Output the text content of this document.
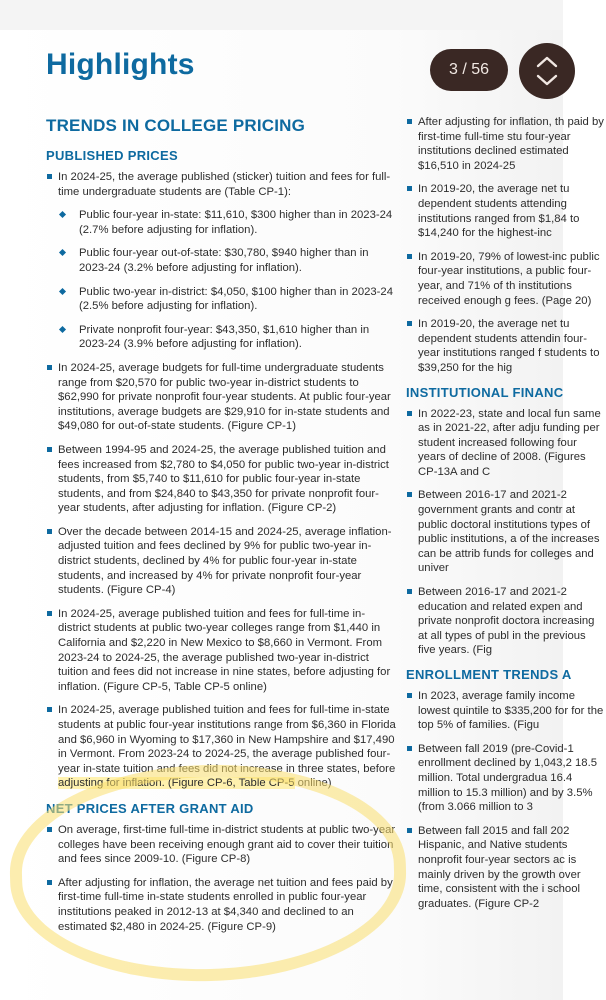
Highlights	3 / 56
TRENDS IN COLLEGE PRICING
PUBLISHED PRICES
In 2024-25, the average published (sticker) tuition and fees for full-time undergraduate students are (Table CP-1):
Public four-year in-state: $11,610, $300 higher than in 2023-24 (2.7% before adjusting for inflation).
Public four-year out-of-state: $30,780, $940 higher than in 2023-24 (3.2% before adjusting for inflation).
Public two-year in-district: $4,050, $100 higher than in 2023-24 (2.5% before adjusting for inflation).
Private nonprofit four-year: $43,350, $1,610 higher than in 2023-24 (3.9% before adjusting for inflation).
In 2024-25, average budgets for full-time undergraduate students range from $20,570 for public two-year in-district students to $62,990 for private nonprofit four-year students. At public four-year institutions, average budgets are $29,910 for in-state students and $49,080 for out-of-state students. (Figure CP-1)
Between 1994-95 and 2024-25, the average published tuition and fees increased from $2,780 to $4,050 for public two-year in-district students, from $5,740 to $11,610 for public four-year in-state students, and from $24,840 to $43,350 for private nonprofit four-year students, after adjusting for inflation. (Figure CP-2)
Over the decade between 2014-15 and 2024-25, average inflation-adjusted tuition and fees declined by 9% for public two-year in-district students, declined by 4% for public four-year in-state students, and increased by 4% for private nonprofit four-year students. (Figure CP-4)
In 2024-25, average published tuition and fees for full-time in-district students at public two-year colleges range from $1,440 in California and $2,220 in New Mexico to $8,660 in Vermont. From 2023-24 to 2024-25, the average published two-year in-district tuition and fees did not increase in nine states, before adjusting for inflation. (Figure CP-5, Table CP-5 online)
In 2024-25, average published tuition and fees for full-time in-state students at public four-year institutions range from $6,360 in Florida and $6,960 in Wyoming to $17,360 in New Hampshire and $17,490 in Vermont. From 2023-24 to 2024-25, the average published four-year in-state tuition and fees did not increase in three states, before adjusting for inflation. (Figure CP-6, Table CP-5 online)
NET PRICES AFTER GRANT AID
On average, first-time full-time in-district students at public two-year colleges have been receiving enough grant aid to cover their tuition and fees since 2009-10. (Figure CP-8)
After adjusting for inflation, the average net tuition and fees paid by first-time full-time in-state students enrolled in public four-year institutions peaked in 2012-13 at $4,340 and declined to an estimated $2,480 in 2024-25. (Figure CP-9)
After adjusting for inflation, th paid by first-time full-time stu four-year institutions declined estimated $16,510 in 2024-25
In 2019-20, the average net tu dependent students attending institutions ranged from $1,84 to $14,240 for the highest-inc
In 2019-20, 79% of lowest-inc public four-year institutions, a public four-year, and 71% of th institutions received enough g fees. (Page 20)
In 2019-20, the average net tu dependent students attendin four-year institutions ranged f students to $39,250 for the hig
INSTITUTIONAL FINANC
In 2022-23, state and local fun same as in 2021-22, after adju funding per student increased following four years of decline of 2008. (Figures CP-13A and C
Between 2016-17 and 2021-2 government grants and contr at public doctoral institutions types of public institutions, a of the increases can be attrib funds for colleges and univer
Between 2016-17 and 2021-2 education and related expen and private nonprofit doctora increasing at all types of publ in the previous five years. (Fig
ENROLLMENT TRENDS A
In 2023, average family income lowest quintile to $335,200 for for the top 5% of families. (Figu
Between fall 2019 (pre-Covid-1 enrollment declined by 1,043,2 18.5 million. Total undergradua 16.4 million to 15.3 million) and by 3.5% (from 3.066 million to 3
Between fall 2015 and fall 202 Hispanic, and Native students nonprofit four-year sectors ac is mainly driven by the growth over time, consistent with the i school graduates. (Figure CP-2
